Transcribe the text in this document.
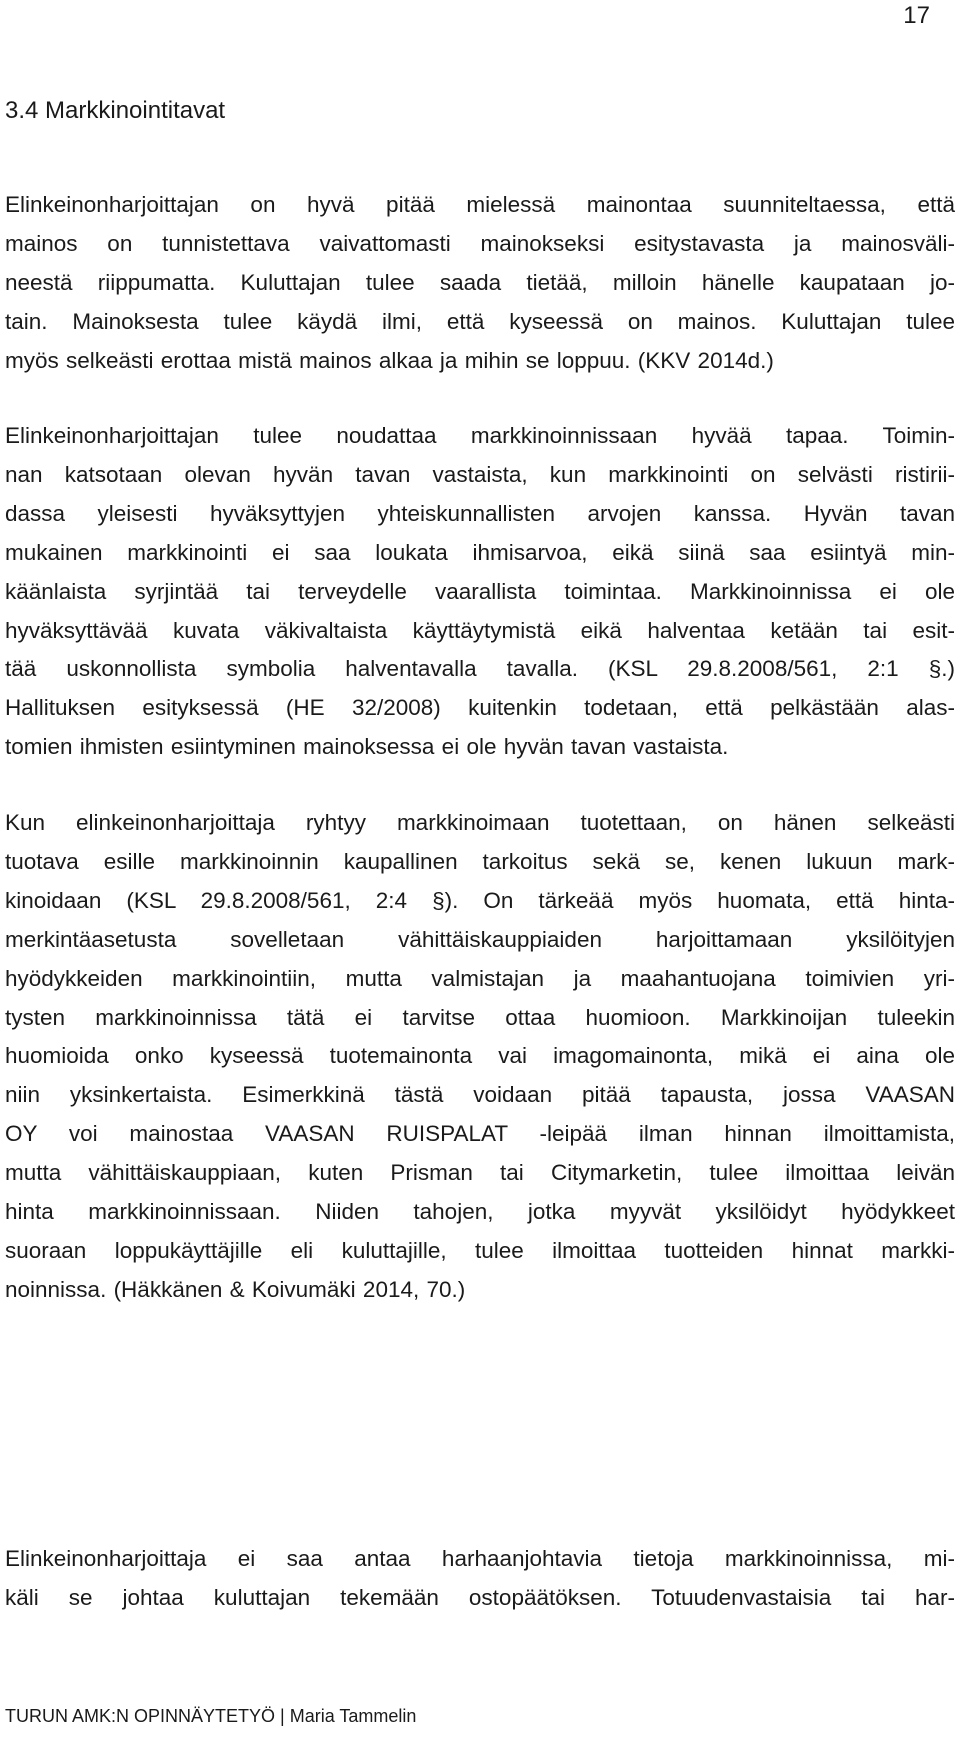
17
3.4 Markkinointitavat

Elinkeinonharjoittajan on hyvä pitää mielessä mainontaa suunniteltaessa, että
mainos on tunnistettava vaivattomasti mainokseksi esitystavasta ja mainosväli-
neestä riippumatta. Kuluttajan tulee saada tietää, milloin hänelle kaupataan jo-
tain. Mainoksesta tulee käydä ilmi, että kyseessä on mainos. Kuluttajan tulee
myös selkeästi erottaa mistä mainos alkaa ja mihin se loppuu. (KKV 2014d.)

Elinkeinonharjoittajan tulee noudattaa markkinoinnissaan hyvää tapaa. Toimin-
nan katsotaan olevan hyvän tavan vastaista, kun markkinointi on selvästi ristirii-
dassa yleisesti hyväksyttyjen yhteiskunnallisten arvojen kanssa. Hyvän tavan
mukainen markkinointi ei saa loukata ihmisarvoa, eikä siinä saa esiintyä min-
käänlaista syrjintää tai terveydelle vaarallista toimintaa. Markkinoinnissa ei ole
hyväksyttävää kuvata väkivaltaista käyttäytymistä eikä halventaa ketään tai esit-
tää uskonnollista symbolia halventavalla tavalla. (KSL 29.8.2008/561, 2:1 §.)
Hallituksen esityksessä (HE 32/2008) kuitenkin todetaan, että pelkästään alas-
tomien ihmisten esiintyminen mainoksessa ei ole hyvän tavan vastaista.

Kun elinkeinonharjoittaja ryhtyy markkinoimaan tuotettaan, on hänen selkeästi
tuotava esille markkinoinnin kaupallinen tarkoitus sekä se, kenen lukuun mark-
kinoidaan (KSL 29.8.2008/561, 2:4 §). On tärkeää myös huomata, että hinta-
merkintäasetusta sovelletaan vähittäiskauppiaiden harjoittamaan yksilöityjen
hyödykkeiden markkinointiin, mutta valmistajan ja maahantuojana toimivien yri-
tysten markkinoinnissa tätä ei tarvitse ottaa huomioon. Markkinoijan tuleekin
huomioida onko kyseessä tuotemainonta vai imagomainonta, mikä ei aina ole
niin yksinkertaista. Esimerkkinä tästä voidaan pitää tapausta, jossa VAASAN
OY voi mainostaa VAASAN RUISPALAT -leipää ilman hinnan ilmoittamista,
mutta vähittäiskauppiaan, kuten Prisman tai Citymarketin, tulee ilmoittaa leivän
hinta markkinoinnissaan. Niiden tahojen, jotka myyvät yksilöidyt hyödykkeet
suoraan loppukäyttäjille eli kuluttajille, tulee ilmoittaa tuotteiden hinnat markki-
noinnissa. (Häkkänen & Koivumäki 2014, 70.)

Elinkeinonharjoittaja ei saa antaa harhaanjohtavia tietoja markkinoinnissa, mi-
käli se johtaa kuluttajan tekemään ostopäätöksen. Totuudenvastaisia tai har-

TURUN AMK:N OPINNÄYTETYÖ | Maria Tammelin
